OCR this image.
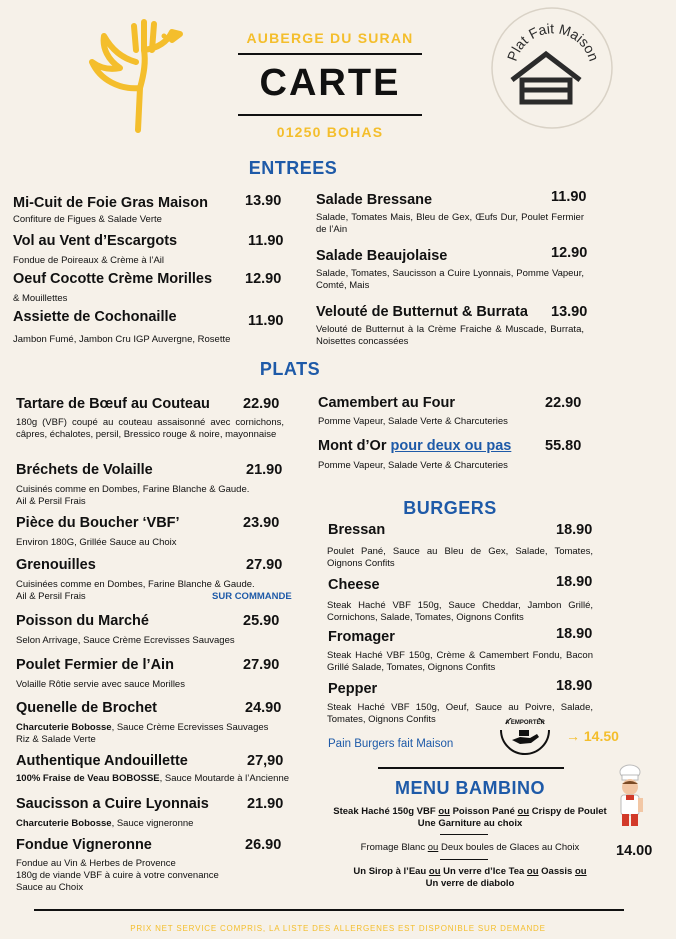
AUBERGE DU SURAN
CARTE
01250 BOHAS
Plat Fait Maison
ENTREES
Mi-Cuit de Foie Gras Maison	13.90
Confiture de Figues & Salade Verte
Vol au Vent d’Escargots	11.90
Fondue de Poireaux & Crème à l’Ail
Oeuf Cocotte Crème Morilles 12.90
& Mouillettes
Assiette de Cochonaille	11.90
Jambon Fumé, Jambon Cru IGP Auvergne, Rosette
Salade Bressane	11.90
Salade, Tomates Mais, Bleu de Gex, Œufs Dur, Poulet Fermier de l’Ain
Salade Beaujolaise	12.90
Salade, Tomates, Saucisson a Cuire Lyonnais, Pomme Vapeur, Comté, Mais
Velouté de Butternut & Burrata 13.90
Velouté de Butternut à la Crème Fraiche & Muscade, Burrata, Noisettes concassées
PLATS
Tartare de Bœuf au Couteau 22.90
180g (VBF) coupé au couteau assaisonné avec cornichons, câpres, échalotes, persil, Bressico rouge & noire, mayonnaise
Bréchets de Volaille	21.90
Cuisinés comme en Dombes, Farine Blanche & Gaude.
Ail & Persil Frais
Pièce du Boucher ‘VBF’	23.90
Environ 180G, Grillée Sauce au Choix
Grenouilles	27.90
Cuisinées comme en Dombes, Farine Blanche & Gaude.
Ail & Persil Frais	SUR COMMANDE
Poisson du Marché	25.90
Selon Arrivage, Sauce Crème Ecrevisses Sauvages
Poulet Fermier de l’Ain	27.90
Volaille Rôtie servie avec sauce Morilles
Quenelle de Brochet	24.90
Charcuterie Bobosse, Sauce Crème Ecrevisses Sauvages
Riz & Salade Verte
Authentique Andouillette	27,90
100% Fraise de Veau BOBOSSE, Sauce Moutarde à l’Ancienne
Saucisson a Cuire Lyonnais	21.90
Charcuterie Bobosse, Sauce vigneronne
Fondue Vigneronne	26.90
Fondue au Vin & Herbes de Provence
180g de viande VBF à cuire à votre convenance
Sauce au Choix
Camembert au Four	22.90
Pomme Vapeur, Salade Verte & Charcuteries
Mont d’Or pour deux ou pas 55.80
Pomme Vapeur, Salade Verte & Charcuteries
BURGERS
Bressan	18.90
Poulet Pané, Sauce au Bleu de Gex, Salade, Tomates, Oignons Confits
Cheese	18.90
Steak Haché VBF 150g, Sauce Cheddar, Jambon Grillé, Cornichons, Salade, Tomates, Oignons Confits
Fromager	18.90
Steak Haché VBF 150g, Crème & Camembert Fondu, Bacon Grillé Salade, Tomates, Oignons Confits
Pepper	18.90
Steak Haché VBF 150g, Oeuf, Sauce au Poivre, Salade, Tomates, Oignons Confits
Pain Burgers fait Maison
A EMPORTER
→ 14.50
MENU BAMBINO
Steak Haché 150g VBF ou Poisson Pané ou Crispy de Poulet
Une Garniture au choix
Fromage Blanc ou Deux boules de Glaces au Choix	14.00
Un Sirop à l’Eau ou Un verre d’Ice Tea ou Oassis ou
Un verre de diabolo
PRIX NET SERVICE COMPRIS, LA LISTE DES ALLERGENES EST DISPONIBLE SUR DEMANDE
